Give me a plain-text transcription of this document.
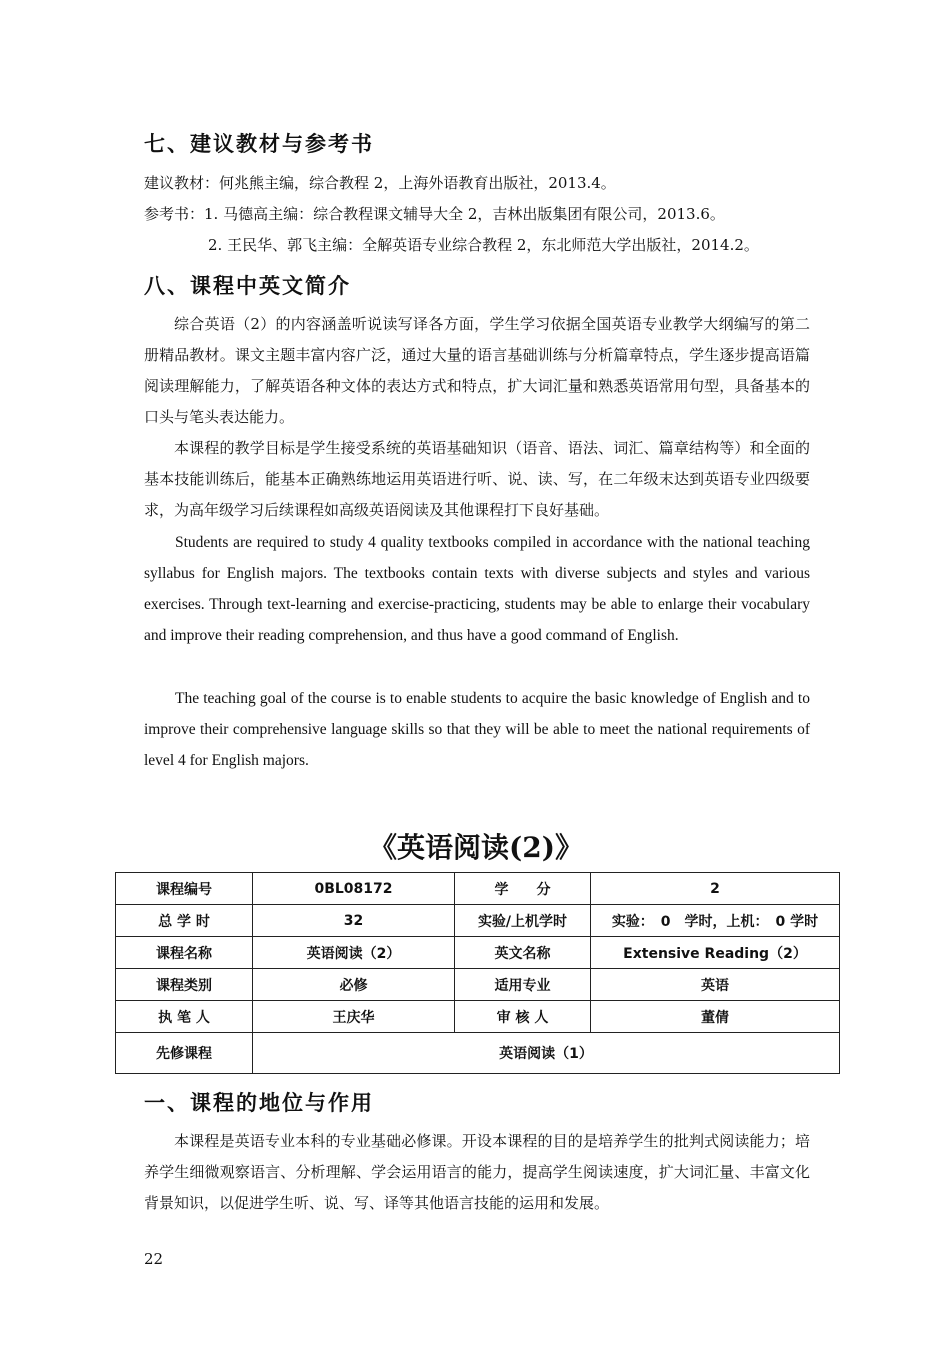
七、建议教材与参考书

建议教材：何兆熊主编，综合教程 2，上海外语教育出版社，2013.4。

参考书：1. 马德高主编：综合教程课文辅导大全 2，吉林出版集团有限公司，2013.6。

2. 王民华、郭飞主编：全解英语专业综合教程 2，东北师范大学出版社，2014.2。

八、课程中英文简介

综合英语（2）的内容涵盖听说读写译各方面，学生学习依据全国英语专业教学大纲编写的第二册精品教材。课文主题丰富内容广泛，通过大量的语言基础训练与分析篇章特点，学生逐步提高语篇阅读理解能力，了解英语各种文体的表达方式和特点，扩大词汇量和熟悉英语常用句型，具备基本的口头与笔头表达能力。

本课程的教学目标是学生接受系统的英语基础知识（语音、语法、词汇、篇章结构等）和全面的基本技能训练后，能基本正确熟练地运用英语进行听、说、读、写，在二年级末达到英语专业四级要求，为高年级学习后续课程如高级英语阅读及其他课程打下良好基础。

Students are required to study 4 quality textbooks compiled in accordance with the national teaching syllabus for English majors. The textbooks contain texts with diverse subjects and styles and various exercises. Through text-learning and exercise-practicing, students may be able to enlarge their vocabulary and improve their reading comprehension, and thus have a good command of English.

The teaching goal of the course is to enable students to acquire the basic knowledge of English and to improve their comprehensive language skills so that they will be able to meet the national requirements of level 4 for English majors.

《英语阅读(2)》
课程编号	0BL08172	学　　分	2
总 学 时	32	实验/上机学时	实验：　0　学时，上机：　0 学时
课程名称	英语阅读（2）	英文名称	Extensive Reading（2）
课程类别	必修	适用专业	英语
执 笔 人	王庆华	审 核 人	董倩
先修课程	英语阅读（1）		
一、课程的地位与作用

本课程是英语专业本科的专业基础必修课。开设本课程的目的是培养学生的批判式阅读能力；培养学生细微观察语言、分析理解、学会运用语言的能力，提高学生阅读速度，扩大词汇量、丰富文化背景知识，以促进学生听、说、写、译等其他语言技能的运用和发展。

22
